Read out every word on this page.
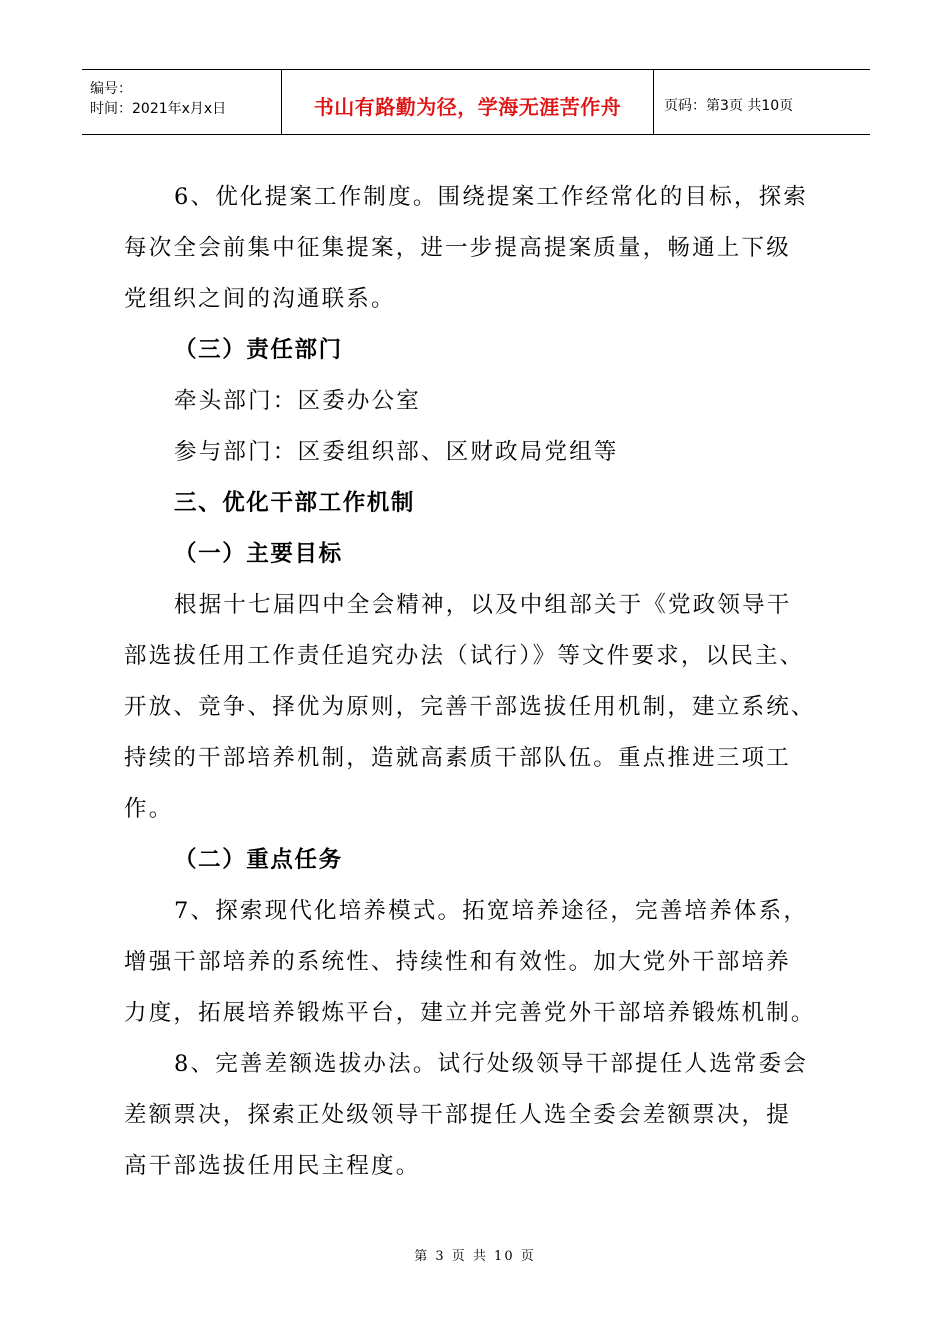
编号：
时间：2021年x月x日	书山有路勤为径，学海无涯苦作舟	页码：第3页 共10页

6、优化提案工作制度。围绕提案工作经常化的目标，探索

每次全会前集中征集提案，进一步提高提案质量，畅通上下级

党组织之间的沟通联系。

（三）责任部门

牵头部门：区委办公室

参与部门：区委组织部、区财政局党组等

三、优化干部工作机制

（一）主要目标

根据十七届四中全会精神，以及中组部关于《党政领导干

部选拔任用工作责任追究办法（试行）》等文件要求，以民主、

开放、竞争、择优为原则，完善干部选拔任用机制，建立系统、

持续的干部培养机制，造就高素质干部队伍。重点推进三项工

作。

（二）重点任务

7、探索现代化培养模式。拓宽培养途径，完善培养体系，

增强干部培养的系统性、持续性和有效性。加大党外干部培养

力度，拓展培养锻炼平台，建立并完善党外干部培养锻炼机制。

8、完善差额选拔办法。试行处级领导干部提任人选常委会

差额票决，探索正处级领导干部提任人选全委会差额票决，提

高干部选拔任用民主程度。

第 3 页 共 10 页
